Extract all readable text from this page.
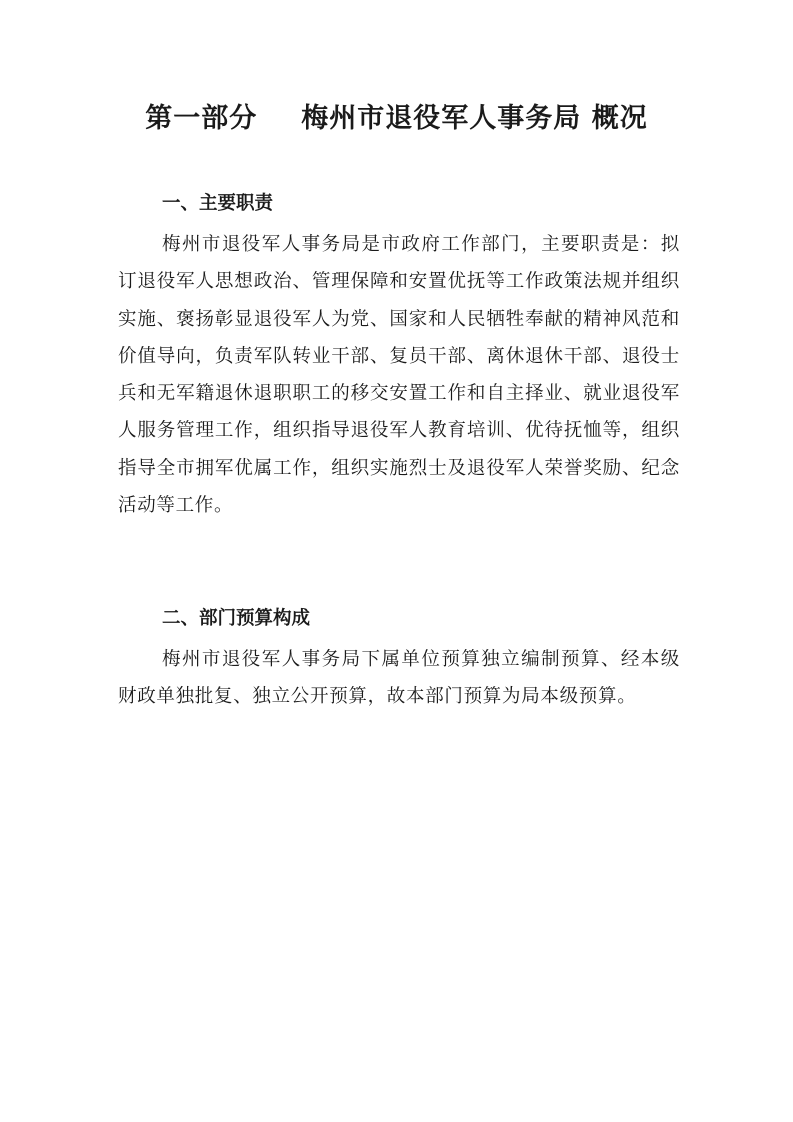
第一部分 梅州市退役军人事务局 概况
一、主要职责
梅州市退役军人事务局是市政府工作部门，主要职责是：拟订退役军人思想政治、管理保障和安置优抚等工作政策法规并组织实施、褒扬彰显退役军人为党、国家和人民牺牲奉献的精神风范和价值导向，负责军队转业干部、复员干部、离休退休干部、退役士兵和无军籍退休退职职工的移交安置工作和自主择业、就业退役军人服务管理工作，组织指导退役军人教育培训、优待抚恤等，组织指导全市拥军优属工作，组织实施烈士及退役军人荣誉奖励、纪念活动等工作。
二、部门预算构成
梅州市退役军人事务局下属单位预算独立编制预算、经本级财政单独批复、独立公开预算，故本部门预算为局本级预算。
